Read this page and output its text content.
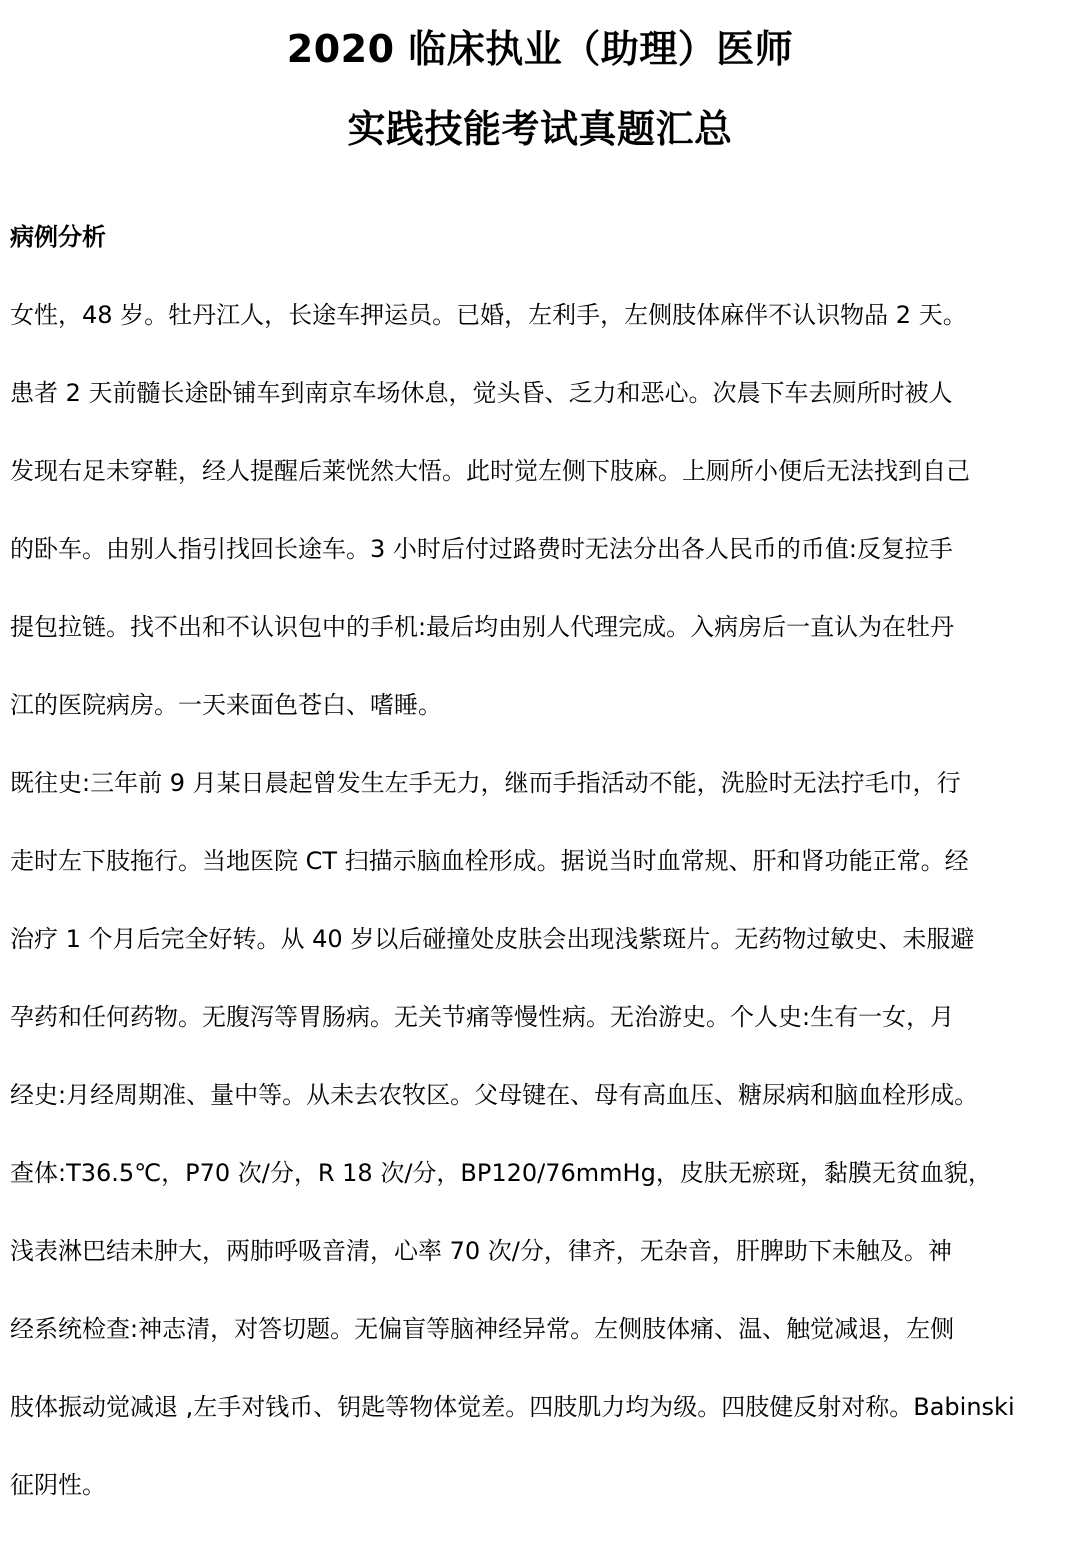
2020 临床执业（助理）医师
实践技能考试真题汇总
病例分析
女性，48 岁。牡丹江人，长途车押运员。已婚，左利手，左侧肢体麻伴不认识物品 2 天。
患者 2 天前髓长途卧铺车到南京车场休息，觉头昏、乏力和恶心。次晨下车去厕所时被人
发现右足未穿鞋，经人提醒后莱恍然大悟。此时觉左侧下肢麻。上厕所小便后无法找到自己
的卧车。由别人指引找回长途车。3 小时后付过路费时无法分出各人民币的币值:反复拉手
提包拉链。找不出和不认识包中的手机:最后均由别人代理完成。入病房后一直认为在牡丹
江的医院病房。一天来面色苍白、嗜睡。
既往史:三年前 9 月某日晨起曾发生左手无力，继而手指活动不能，洗脸时无法拧毛巾，行
走时左下肢拖行。当地医院 CT 扫描示脑血栓形成。据说当时血常规、肝和肾功能正常。经
治疗 1 个月后完全好转。从 40 岁以后碰撞处皮肤会出现浅紫斑片。无药物过敏史、未服避
孕药和任何药物。无腹泻等胃肠病。无关节痛等慢性病。无治游史。个人史:生有一女，月
经史:月经周期准、量中等。从未去农牧区。父母键在、母有高血压、糖尿病和脑血栓形成。
查体:T36.5℃，P70 次/分，R 18 次/分，BP120/76mmHg，皮肤无瘀斑，黏膜无贫血貌，
浅表淋巴结未肿大，两肺呼吸音清，心率 70 次/分，律齐，无杂音，肝脾助下未触及。神
经系统检查:神志清，对答切题。无偏盲等脑神经异常。左侧肢体痛、温、触觉减退，左侧
肢体振动觉减退 ,左手对钱币、钥匙等物体觉差。四肢肌力均为级。四肢健反射对称。Babinski
征阴性。
